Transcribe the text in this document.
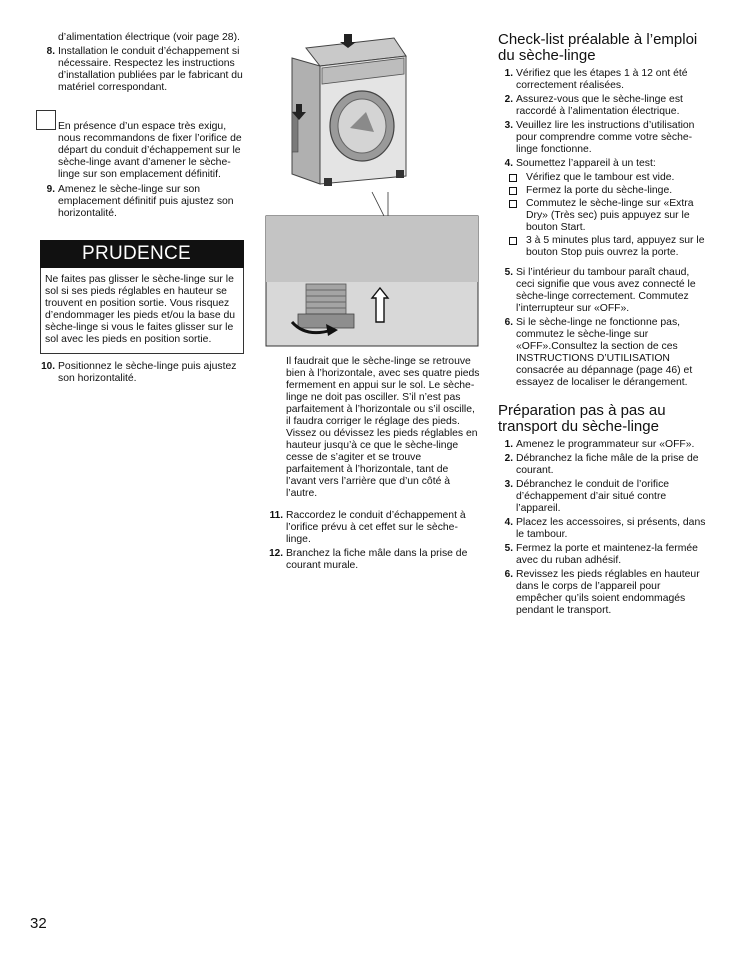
d’alimentation électrique (voir page 28).

8. Installation le conduit d’échappement si nécessaire. Respectez les instructions d’installation publiées par le fabricant du matériel correspondant.

En présence d’un espace très exigu, nous recommandons de fixer l’orifice de départ du conduit d’échappement sur le sèche-linge avant d’amener le sèche-linge sur son emplacement définitif.

9. Amenez le sèche-linge sur son emplacement définitif puis ajustez son horizontalité.
PRUDENCE
Ne faites pas glisser le sèche-linge sur le sol si ses pieds réglables en hauteur se trouvent en position sortie. Vous risquez d’endommager les pieds et/ou la base du sèche-linge si vous le faites glisser sur le sol avec les pieds en position sortie.
10. Positionnez le sèche-linge puis ajustez son horizontalité.

Il faudrait que le sèche-linge se retrouve bien à l’horizontale, avec ses quatre pieds fermement en appui sur le sol. Le sèche-linge ne doit pas osciller. S’il n’est pas parfaitement à l’horizontale ou s’il oscille, il faudra corriger le réglage des pieds. Vissez ou dévissez les pieds réglables en hauteur jusqu’à ce que le sèche-linge cesse de s’agiter et se trouve parfaitement à l’horizontale, tant de l’avant vers l’arrière que d’un côté à l’autre.

11. Raccordez le conduit d’échappement à l’orifice prévu à cet effet sur le sèche-linge.
12. Branchez la fiche mâle dans la prise de courant murale.
Check-list préalable à l’emploi du sèche-linge
1. Vérifiez que les étapes 1 à 12 ont été correctement réalisées.
2. Assurez-vous que le sèche-linge est raccordé à l’alimentation électrique.
3. Veuillez lire les instructions d’utilisation pour comprendre comme votre sèche-linge fonctionne.
4. Soumettez l’appareil à un test:
Vérifiez que le tambour est vide.
Fermez la porte du sèche-linge.
Commutez le sèche-linge sur «Extra Dry» (Très sec) puis appuyez sur le bouton Start.
3 à 5 minutes plus tard, appuyez sur le bouton Stop puis ouvrez la porte.
5. Si l’intérieur du tambour paraît chaud, ceci signifie que vous avez connecté le sèche-linge correctement. Commutez l’interrupteur sur «OFF».
6. Si le sèche-linge ne fonctionne pas, commutez le sèche-linge sur «OFF».Consultez la section de ces INSTRUCTIONS D’UTILISATION consacrée au dépannage (page 46) et essayez de localiser le dérangement.
Préparation pas à pas au transport du sèche-linge
1. Amenez le programmateur sur «OFF».
2. Débranchez la fiche mâle de la prise de courant.
3. Débranchez le conduit de l’orifice d’échappement d’air situé contre l’appareil.
4. Placez les accessoires, si présents, dans le tambour.
5. Fermez la porte et maintenez-la fermée avec du ruban adhésif.
6. Revissez les pieds réglables en hauteur dans le corps de l’appareil pour empêcher qu’ils soient endommagés pendant le transport.
32
